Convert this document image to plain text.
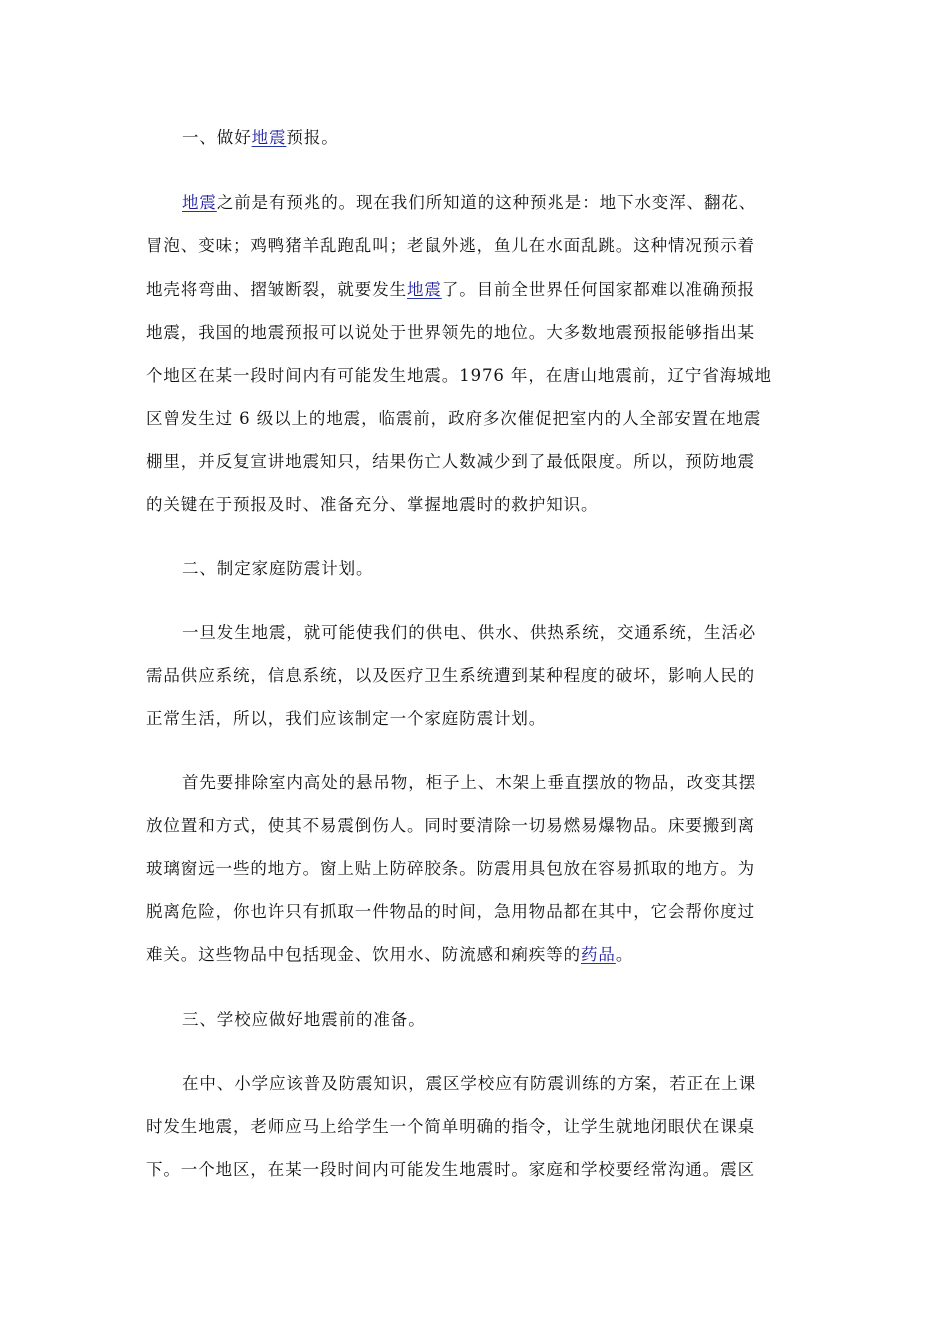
一、做好地震预报。
地震之前是有预兆的。现在我们所知道的这种预兆是：地下水变浑、翻花、
冒泡、变味；鸡鸭猪羊乱跑乱叫；老鼠外逃，鱼儿在水面乱跳。这种情况预示着
地壳将弯曲、摺皱断裂，就要发生地震了。目前全世界任何国家都难以准确预报
地震，我国的地震预报可以说处于世界领先的地位。大多数地震预报能够指出某
个地区在某一段时间内有可能发生地震。1976 年，在唐山地震前，辽宁省海城地
区曾发生过 6 级以上的地震，临震前，政府多次催促把室内的人全部安置在地震
棚里，并反复宣讲地震知只，结果伤亡人数减少到了最低限度。所以，预防地震
的关键在于预报及时、准备充分、掌握地震时的救护知识。
二、制定家庭防震计划。
一旦发生地震，就可能使我们的供电、供水、供热系统，交通系统，生活必
需品供应系统，信息系统，以及医疗卫生系统遭到某种程度的破坏，影响人民的
正常生活，所以，我们应该制定一个家庭防震计划。
首先要排除室内高处的悬吊物，柜子上、木架上垂直摆放的物品，改变其摆
放位置和方式，使其不易震倒伤人。同时要清除一切易燃易爆物品。床要搬到离
玻璃窗远一些的地方。窗上贴上防碎胶条。防震用具包放在容易抓取的地方。为
脱离危险，你也许只有抓取一件物品的时间，急用物品都在其中，它会帮你度过
难关。这些物品中包括现金、饮用水、防流感和痢疾等的药品。
三、学校应做好地震前的准备。
在中、小学应该普及防震知识，震区学校应有防震训练的方案，若正在上课
时发生地震，老师应马上给学生一个简单明确的指令，让学生就地闭眼伏在课桌
下。一个地区，在某一段时间内可能发生地震时。家庭和学校要经常沟通。震区
